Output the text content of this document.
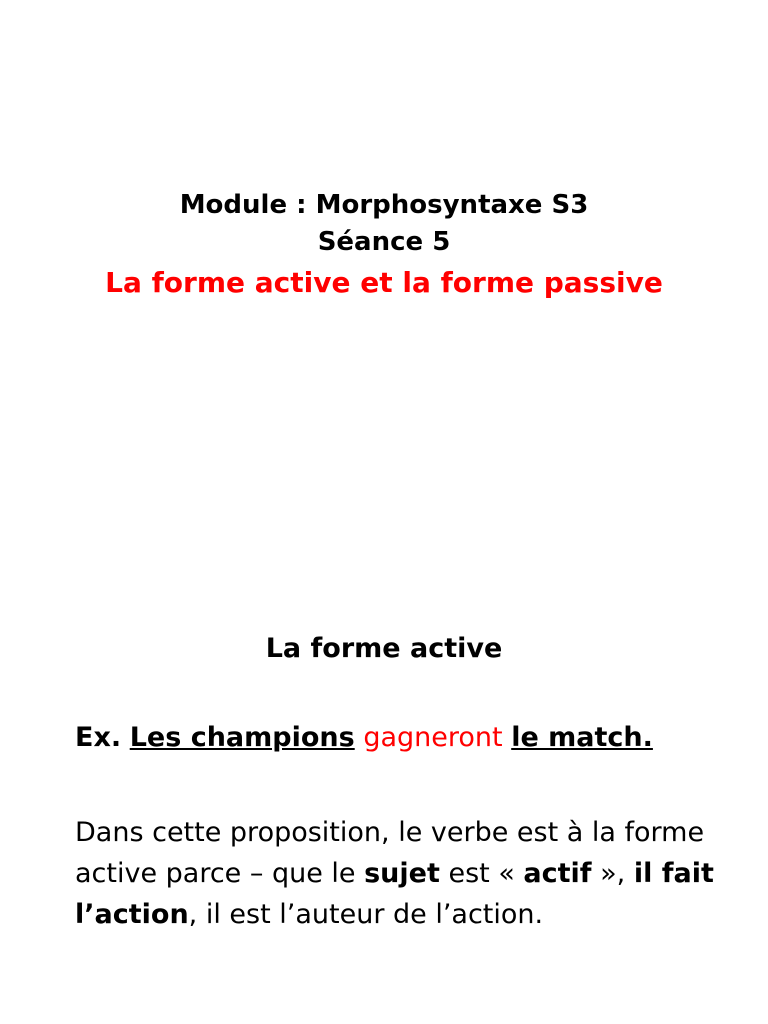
Module : Morphosyntaxe S3
Séance 5
La forme active et la forme passive
La forme active
Ex. Les champions gagneront le match.
Dans cette proposition, le verbe est à la forme
active parce – que le sujet est « actif », il fait
l’action, il est l’auteur de l’action.
